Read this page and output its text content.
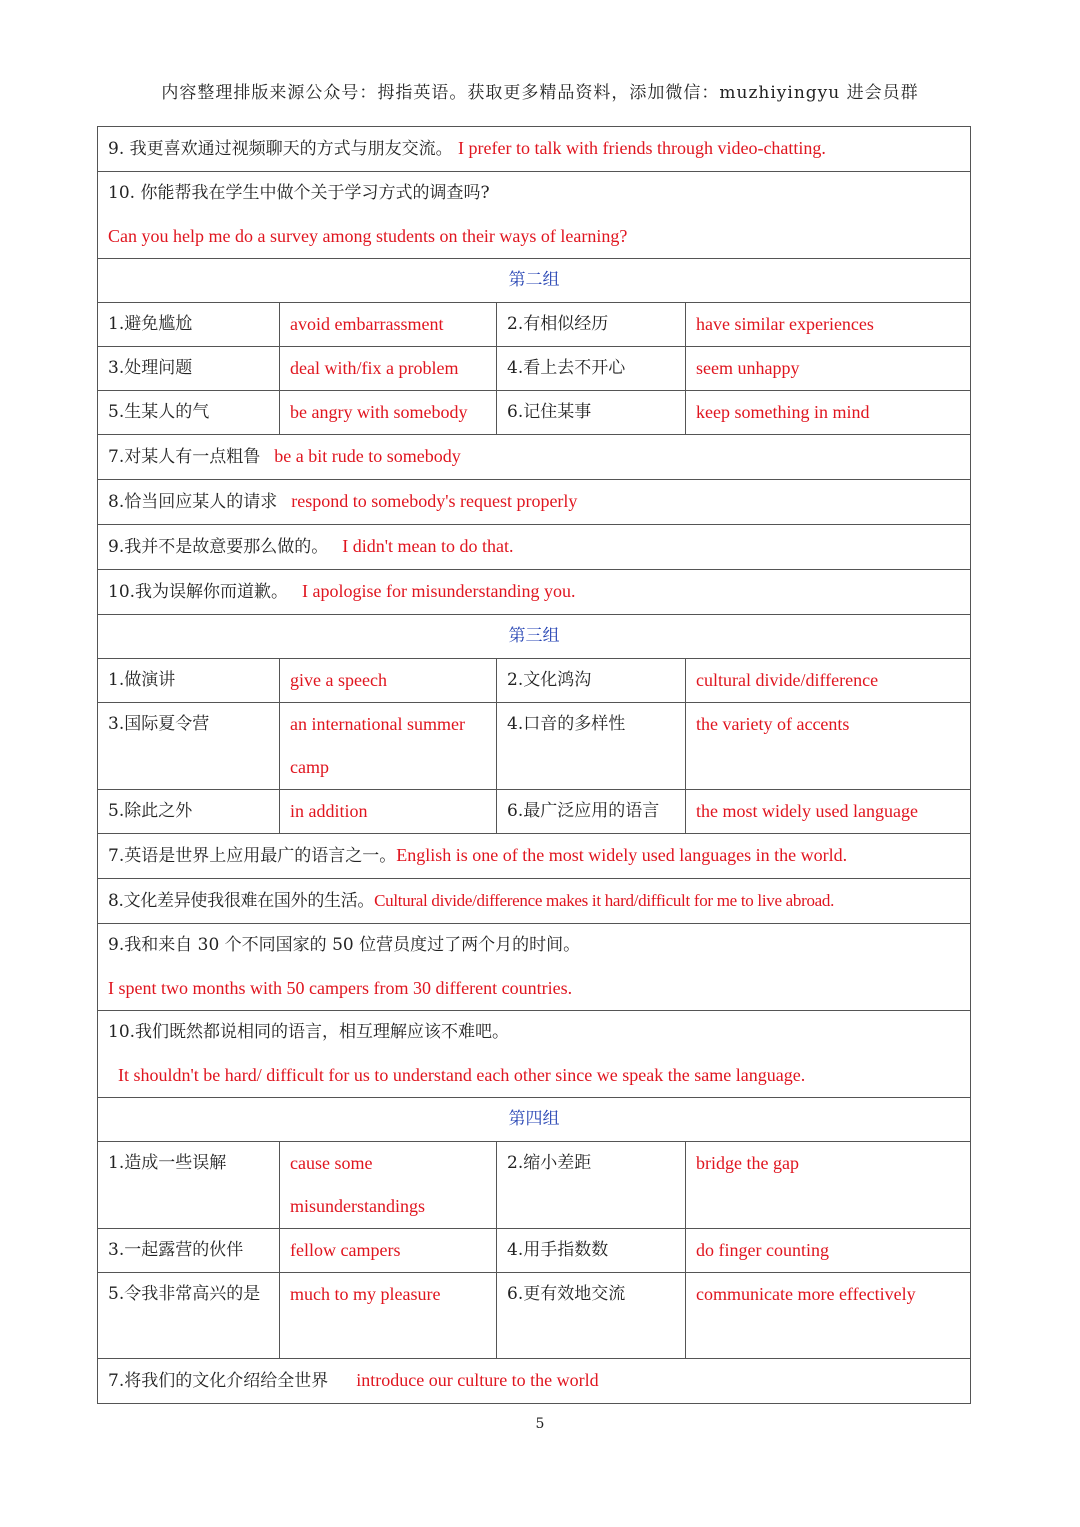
内容整理排版来源公众号：拇指英语。获取更多精品资料，添加微信：muzhiyingyu 进会员群
9. 我更喜欢通过视频聊天的方式与朋友交流。 I prefer to talk with friends through video-chatting.			

10. 你能帮我在学生中做个关于学习方式的调查吗?
Can you help me do a survey among students on their ways of learning?			

第二组			
1.避免尴尬	avoid embarrassment	2.有相似经历	have similar experiences
3.处理问题	deal with/fix a problem	4.看上去不开心	seem unhappy
5.生某人的气	be angry with somebody	6.记住某事	keep something in mind
7.对某人有一点粗鲁 be a bit rude to somebody			
8.恰当回应某人的请求 respond to somebody's request properly			
9.我并不是故意要那么做的。 I didn't mean to do that.			
10.我为误解你而道歉。 I apologise for misunderstanding you.			
第三组			
1.做演讲	give a speech	2.文化鸿沟	cultural divide/difference
3.国际夏令营	an international summer camp	4.口音的多样性	the variety of accents
5.除此之外	in addition	6.最广泛应用的语言	the most widely used language
7.英语是世界上应用最广的语言之一。English is one of the most widely used languages in the world.			
8.文化差异使我很难在国外的生活。Cultural divide/difference makes it hard/difficult for me to live abroad.			

9.我和来自 30 个不同国家的 50 位营员度过了两个月的时间。
I spent two months with 50 campers from 30 different countries.			

10.我们既然都说相同的语言，相互理解应该不难吧。
It shouldn't be hard/ difficult for us to understand each other since we speak the same language.			

第四组			
1.造成一些误解	cause some misunderstandings	2.缩小差距	bridge the gap
3.一起露营的伙伴	fellow campers	4.用手指数数	do finger counting
5.令我非常高兴的是	much to my pleasure	6.更有效地交流	communicate more effectively
7.将我们的文化介绍给全世界 introduce our culture to the world			
5
